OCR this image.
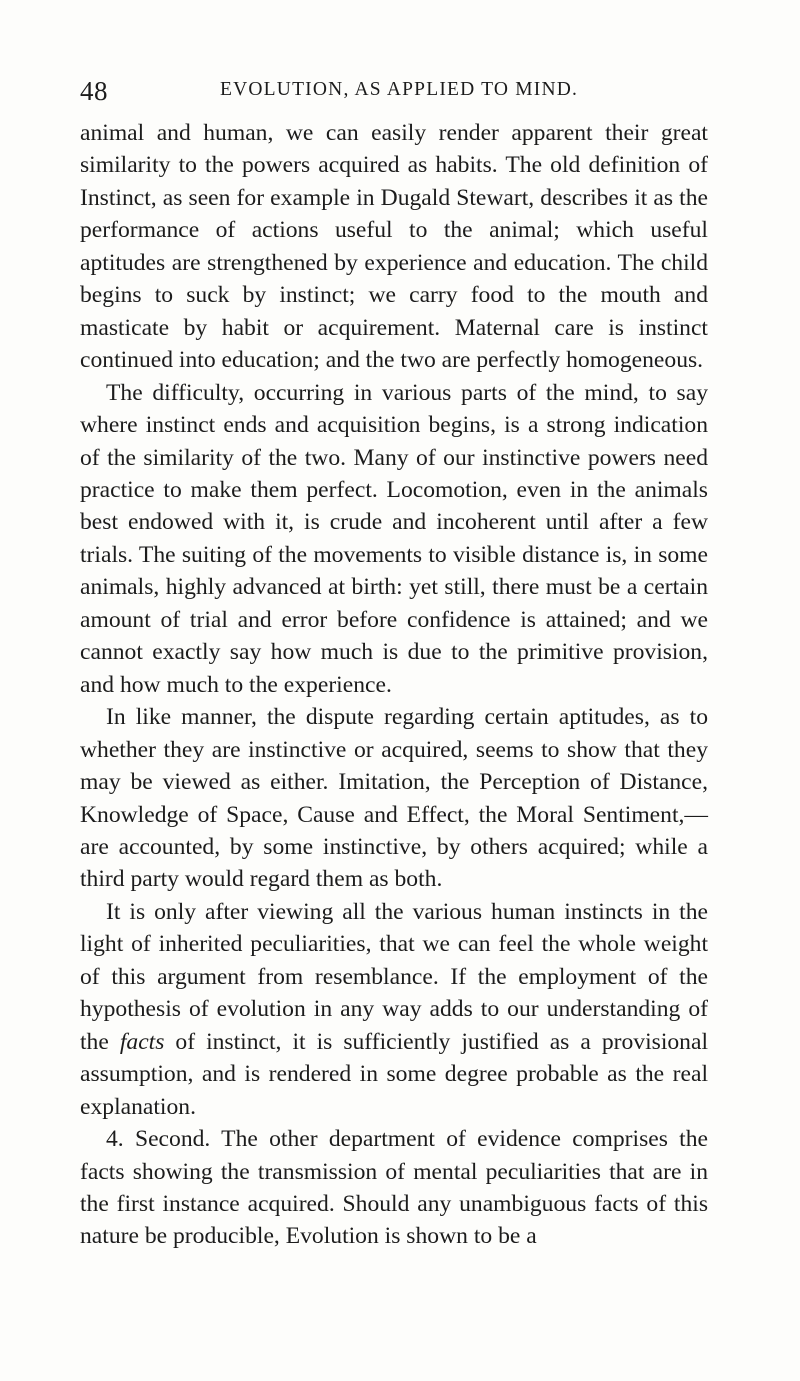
48	EVOLUTION, AS APPLIED TO MIND.

animal and human, we can easily render apparent their great similarity to the powers acquired as habits. The old definition of Instinct, as seen for example in Dugald Stewart, describes it as the performance of actions useful to the animal; which useful aptitudes are strengthened by experience and education. The child begins to suck by instinct; we carry food to the mouth and masticate by habit or acquirement. Maternal care is instinct continued into education; and the two are perfectly homogeneous.

The difficulty, occurring in various parts of the mind, to say where instinct ends and acquisition begins, is a strong indication of the similarity of the two. Many of our instinctive powers need practice to make them perfect. Locomotion, even in the animals best endowed with it, is crude and incoherent until after a few trials. The suiting of the movements to visible distance is, in some animals, highly advanced at birth: yet still, there must be a certain amount of trial and error before confidence is attained; and we cannot exactly say how much is due to the primitive provision, and how much to the experience.

In like manner, the dispute regarding certain aptitudes, as to whether they are instinctive or acquired, seems to show that they may be viewed as either. Imitation, the Perception of Distance, Knowledge of Space, Cause and Effect, the Moral Sentiment,—are accounted, by some instinctive, by others acquired; while a third party would regard them as both.

It is only after viewing all the various human instincts in the light of inherited peculiarities, that we can feel the whole weight of this argument from resemblance. If the employment of the hypothesis of evolution in any way adds to our understanding of the facts of instinct, it is sufficiently justified as a provisional assumption, and is rendered in some degree probable as the real explanation.

4. Second. The other department of evidence comprises the facts showing the transmission of mental peculiarities that are in the first instance acquired. Should any unambiguous facts of this nature be producible, Evolution is shown to be a
